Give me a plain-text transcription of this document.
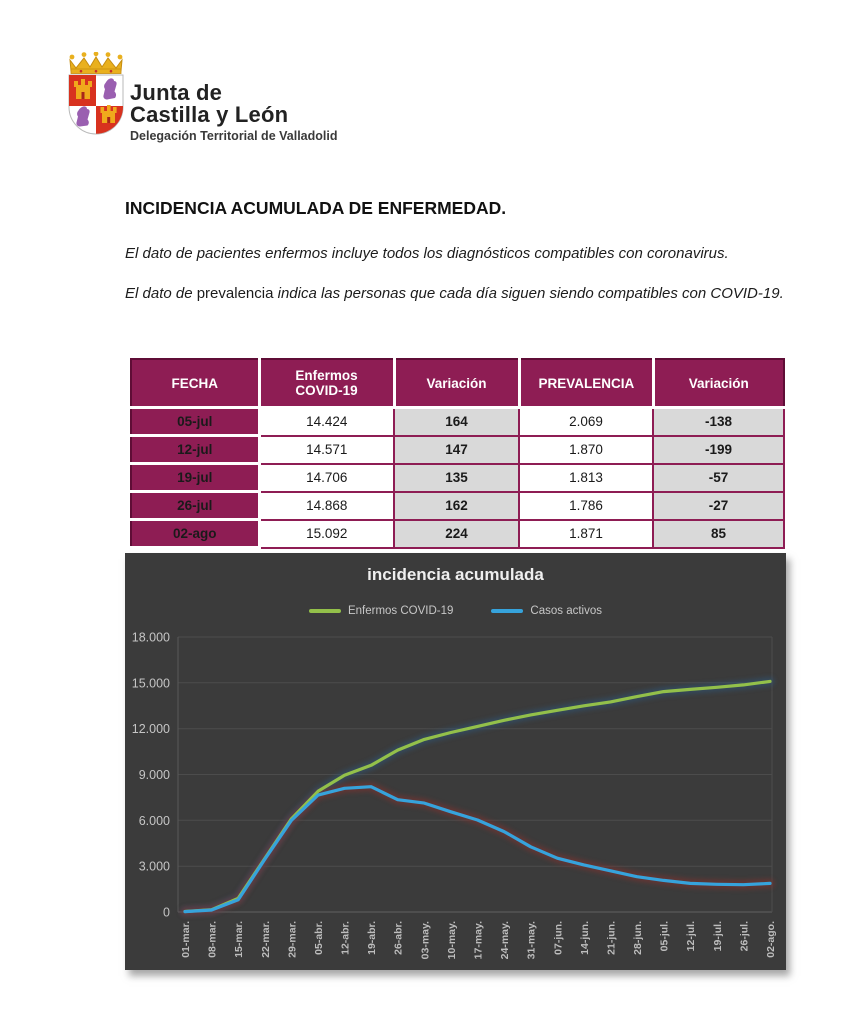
Junta de
Castilla y León
Delegación Territorial de Valladolid
INCIDENCIA ACUMULADA DE ENFERMEDAD.
El dato de pacientes enfermos incluye todos los diagnósticos compatibles con coronavirus.
El dato de prevalencia indica las personas que cada día siguen siendo compatibles con COVID-19.
FECHA	Enfermos COVID-19	Variación	PREVALENCIA	Variación
05-jul	14.424	164	2.069	-138
12-jul	14.571	147	1.870	-199
19-jul	14.706	135	1.813	-57
26-jul	14.868	162	1.786	-27
02-ago	15.092	224	1.871	85
0
3.000
6.000
9.000
12.000
15.000
18.000
01-mar. 08-mar. 15-mar. 22-mar. 29-mar. 05-abr. 12-abr. 19-abr. 26-abr. 03-may. 10-may. 17-may. 24-may. 31-may. 07-jun. 14-jun. 21-jun. 28-jun. 05-jul. 12-jul. 19-jul. 26-jul. 02-ago.
incidencia acumulada
Enfermos COVID-19	Casos activos
